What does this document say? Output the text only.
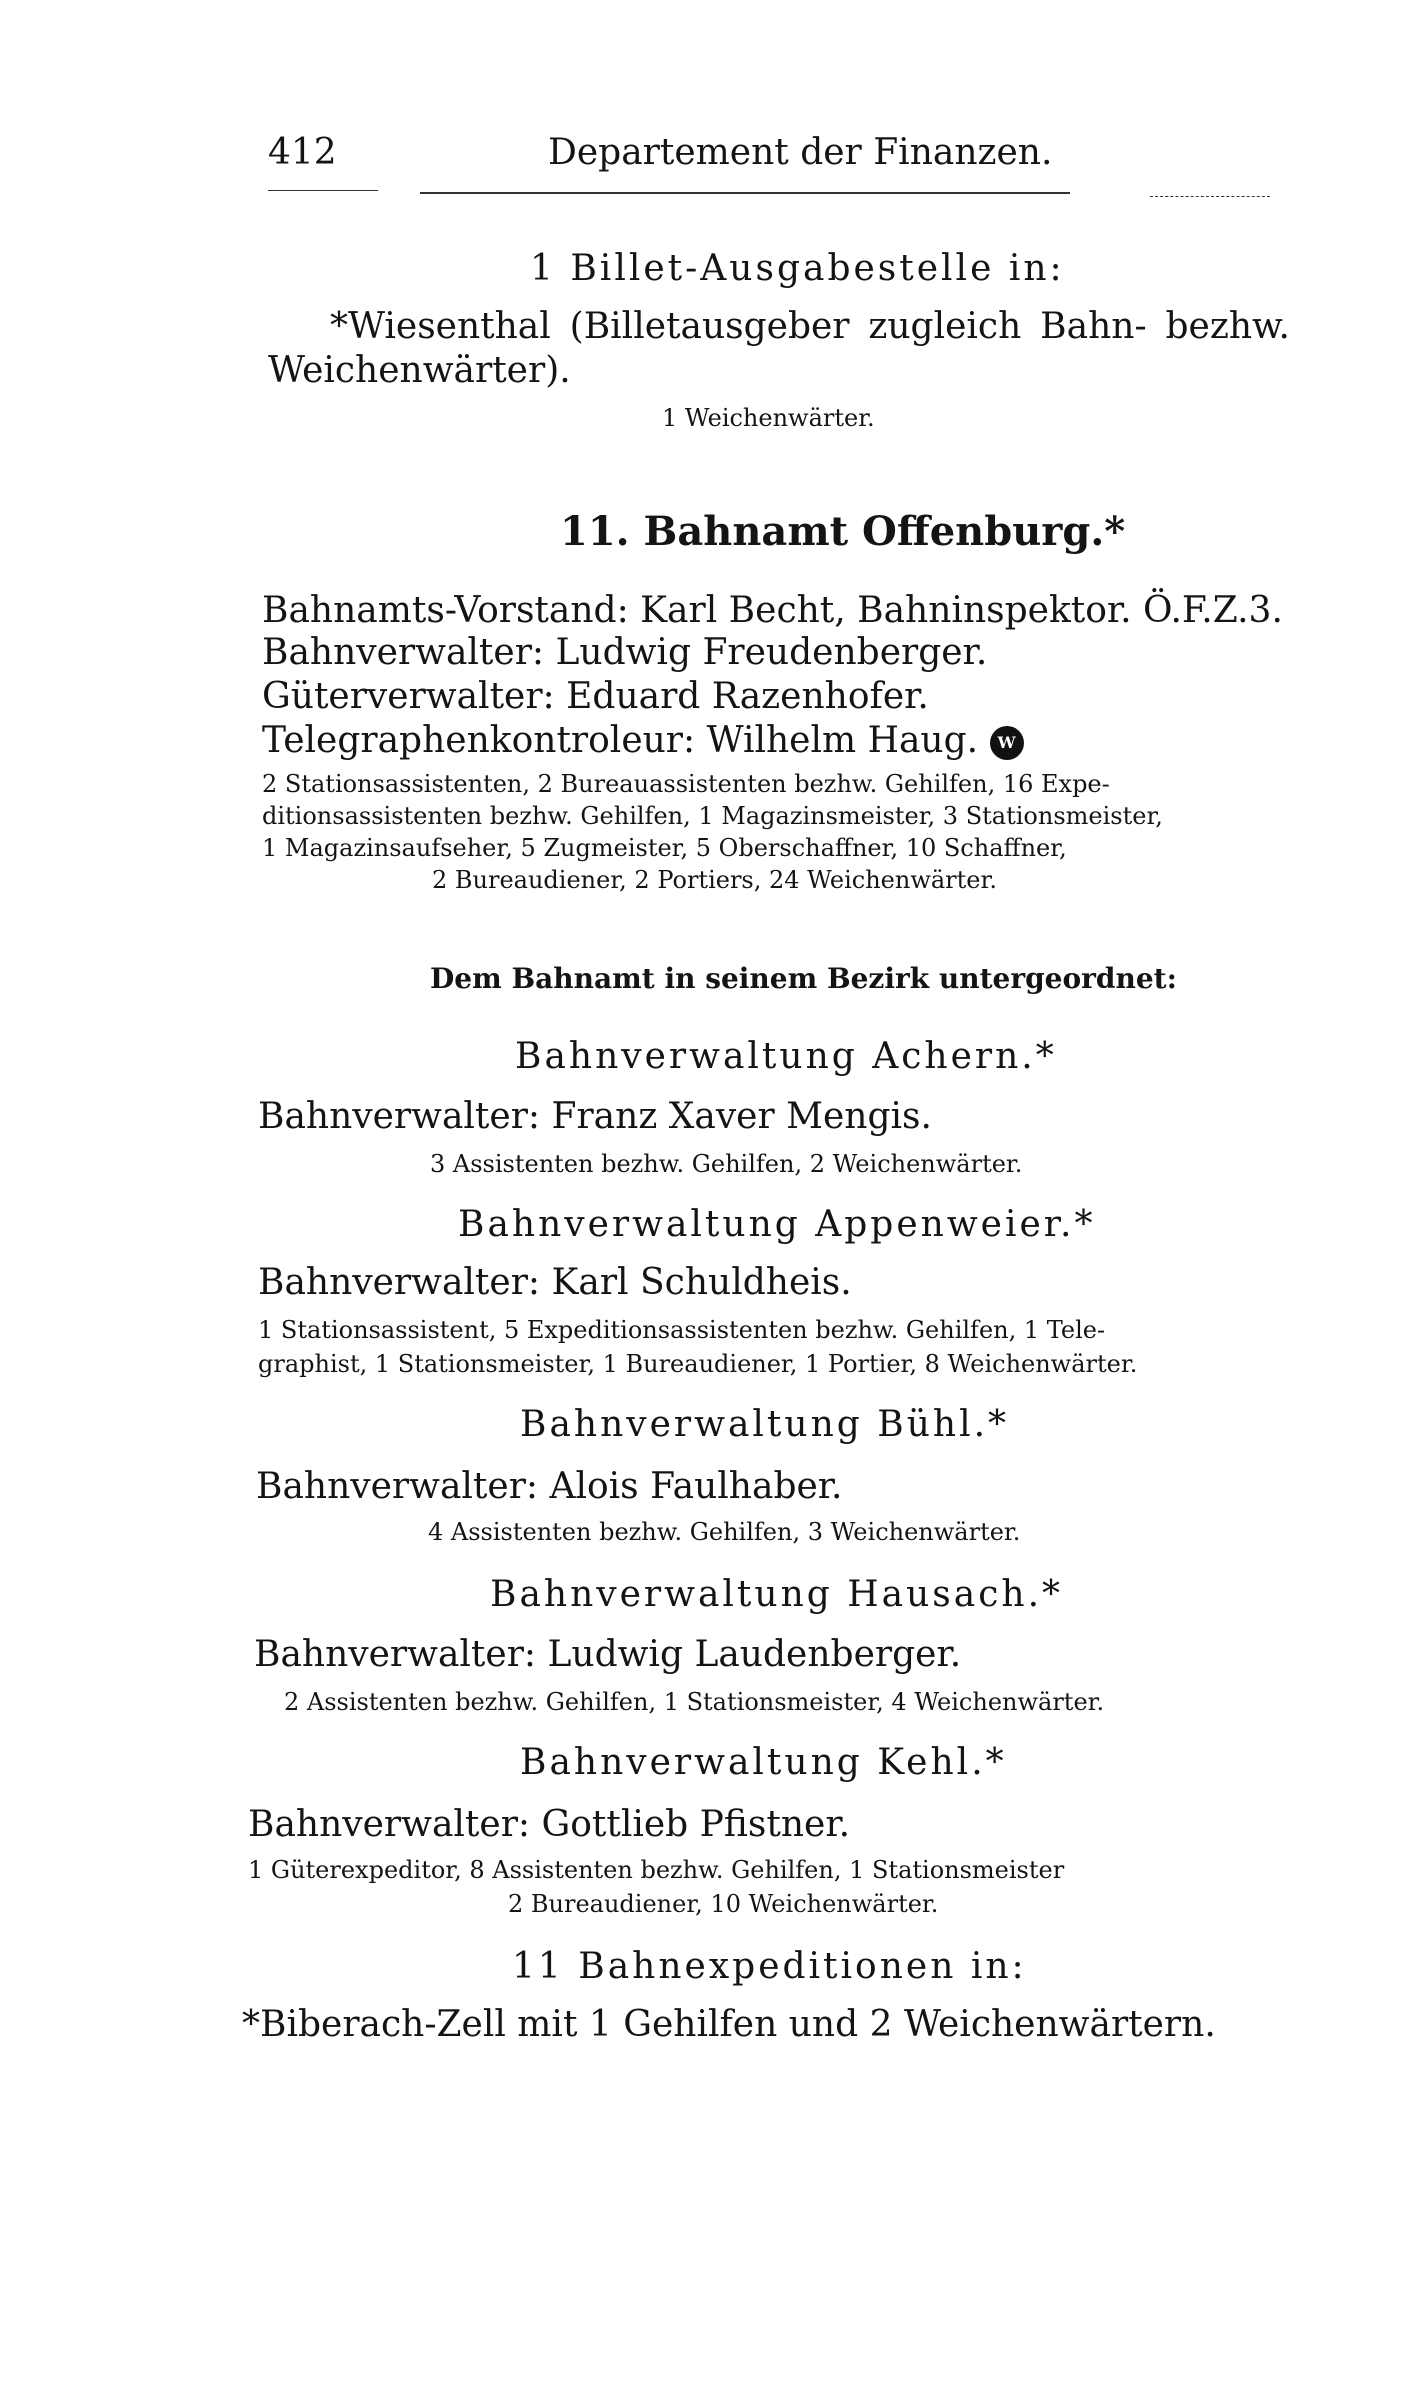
412	Departement der Finanzen.
1 Billet-Ausgabestelle in:
*Wiesenthal (Billetausgeber zugleich Bahn- bezhw.
Weichenwärter).
1 Weichenwärter.
11. Bahnamt Offenburg.*
Bahnamts-Vorstand: Karl Becht, Bahninspektor. Ö.F.Z.3.
Bahnverwalter: Ludwig Freudenberger.
Güterverwalter: Eduard Razenhofer.
Telegraphenkontroleur: Wilhelm Haug. W
2 Stationsassistenten, 2 Bureauassistenten bezhw. Gehilfen, 16 Expe-
ditionsassistenten bezhw. Gehilfen, 1 Magazinsmeister, 3 Stationsmeister,
1 Magazinsaufseher, 5 Zugmeister, 5 Oberschaffner, 10 Schaffner,
2 Bureaudiener, 2 Portiers, 24 Weichenwärter.
Dem Bahnamt in seinem Bezirk untergeordnet:
Bahnverwaltung Achern.*
Bahnverwalter: Franz Xaver Mengis.
3 Assistenten bezhw. Gehilfen, 2 Weichenwärter.
Bahnverwaltung Appenweier.*
Bahnverwalter: Karl Schuldheis.
1 Stationsassistent, 5 Expeditionsassistenten bezhw. Gehilfen, 1 Tele-
graphist, 1 Stationsmeister, 1 Bureaudiener, 1 Portier, 8 Weichenwärter.
Bahnverwaltung Bühl.*
Bahnverwalter: Alois Faulhaber.
4 Assistenten bezhw. Gehilfen, 3 Weichenwärter.
Bahnverwaltung Hausach.*
Bahnverwalter: Ludwig Laudenberger.
2 Assistenten bezhw. Gehilfen, 1 Stationsmeister, 4 Weichenwärter.
Bahnverwaltung Kehl.*
Bahnverwalter: Gottlieb Pfistner.
1 Güterexpeditor, 8 Assistenten bezhw. Gehilfen, 1 Stationsmeister
2 Bureaudiener, 10 Weichenwärter.
11 Bahnexpeditionen in:
*Biberach-Zell mit 1 Gehilfen und 2 Weichenwärtern.
